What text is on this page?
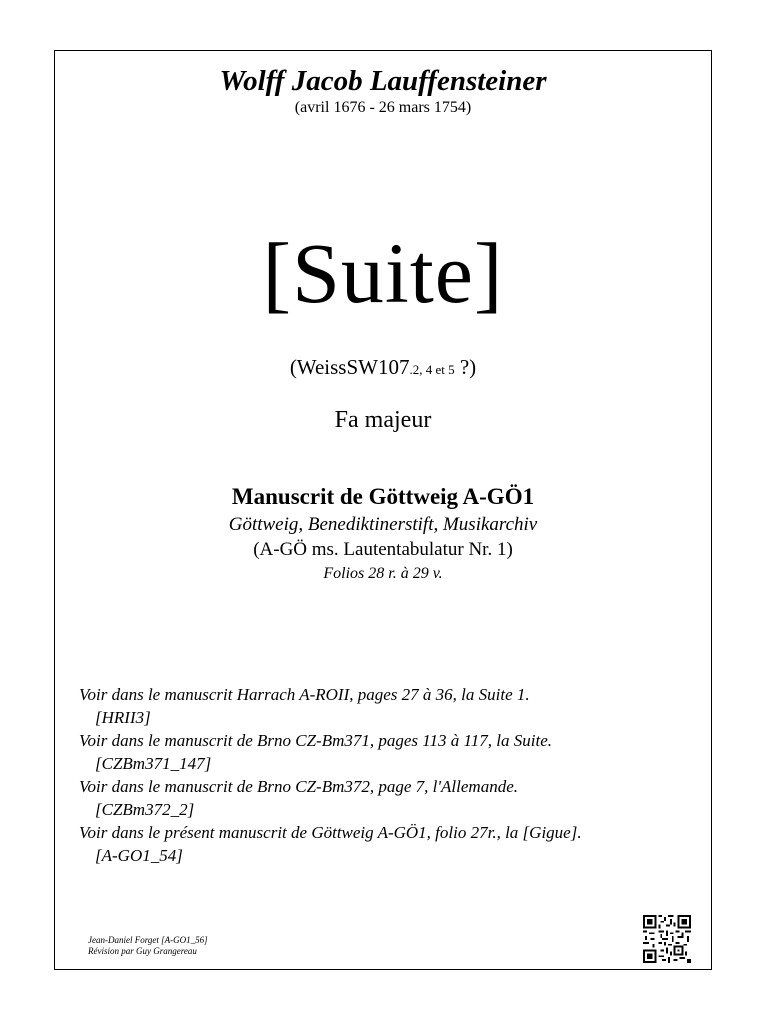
Wolff Jacob Lauffensteiner
(avril 1676 - 26 mars 1754)
[Suite]
(WeissSW107.2, 4 et 5 ?)
Fa majeur
Manuscrit de Göttweig A-GÖ1
Göttweig, Benediktinerstift, Musikarchiv
(A-GÖ ms. Lautentabulatur Nr. 1)
Folios 28 r. à 29 v.
Voir dans le manuscrit Harrach A-ROII, pages 27 à 36, la Suite 1.
[HRII3]
Voir dans le manuscrit de Brno CZ-Bm371, pages 113 à 117, la Suite.
[CZBm371_147]
Voir dans le manuscrit de Brno CZ-Bm372, page 7, l'Allemande.
[CZBm372_2]
Voir dans le présent manuscrit de Göttweig A-GÖ1, folio 27r., la [Gigue].
[A-GO1_54]
Jean-Daniel Forget [A-GO1_56]
Révision par Guy Grangereau
